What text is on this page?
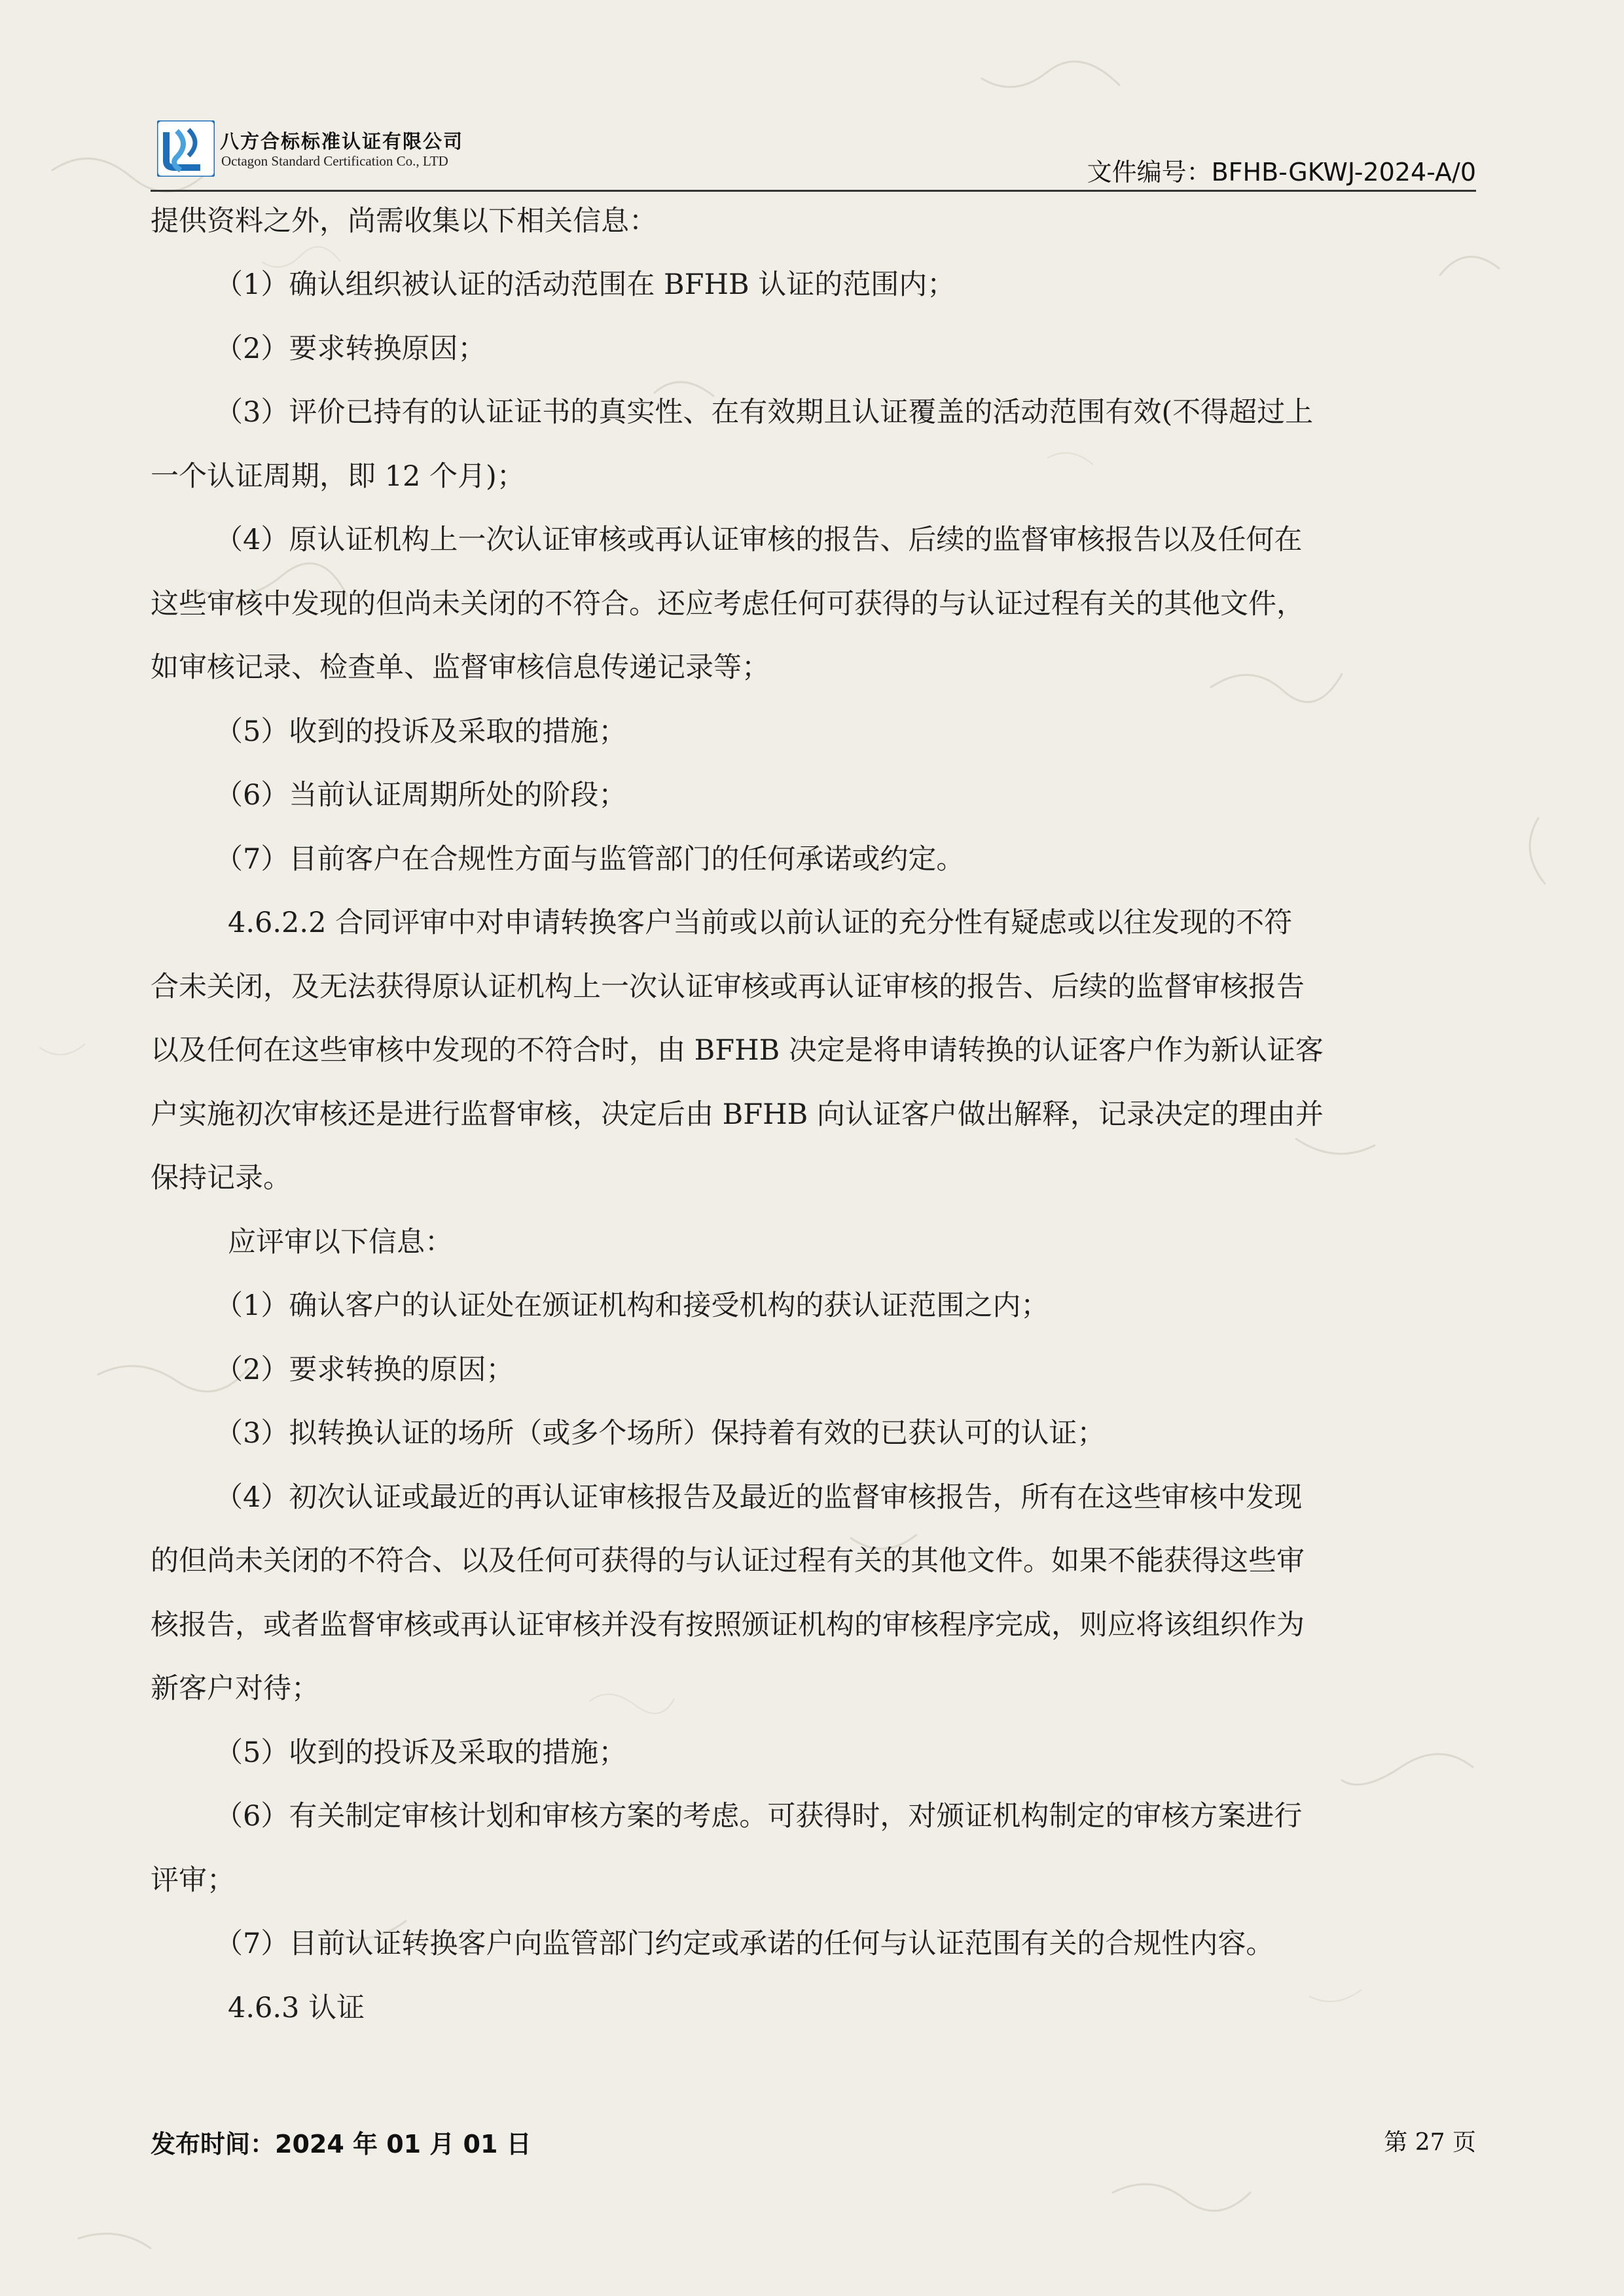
八方合标标准认证有限公司
Octagon Standard Certification Co., LTD	文件编号：BFHB-GKWJ-2024-A/0
提供资料之外，尚需收集以下相关信息：
（1）确认组织被认证的活动范围在 BFHB 认证的范围内；
（2）要求转换原因；
（3）评价已持有的认证证书的真实性、在有效期且认证覆盖的活动范围有效(不得超过上
一个认证周期，即 12 个月)；
（4）原认证机构上一次认证审核或再认证审核的报告、后续的监督审核报告以及任何在
这些审核中发现的但尚未关闭的不符合。还应考虑任何可获得的与认证过程有关的其他文件，
如审核记录、检查单、监督审核信息传递记录等；
（5）收到的投诉及采取的措施；
（6）当前认证周期所处的阶段；
（7）目前客户在合规性方面与监管部门的任何承诺或约定。
4.6.2.2 合同评审中对申请转换客户当前或以前认证的充分性有疑虑或以往发现的不符
合未关闭，及无法获得原认证机构上一次认证审核或再认证审核的报告、后续的监督审核报告
以及任何在这些审核中发现的不符合时，由 BFHB 决定是将申请转换的认证客户作为新认证客
户实施初次审核还是进行监督审核，决定后由 BFHB 向认证客户做出解释，记录决定的理由并
保持记录。
应评审以下信息：
（1）确认客户的认证处在颁证机构和接受机构的获认证范围之内；
（2）要求转换的原因；
（3）拟转换认证的场所（或多个场所）保持着有效的已获认可的认证；
（4）初次认证或最近的再认证审核报告及最近的监督审核报告，所有在这些审核中发现
的但尚未关闭的不符合、以及任何可获得的与认证过程有关的其他文件。如果不能获得这些审
核报告，或者监督审核或再认证审核并没有按照颁证机构的审核程序完成，则应将该组织作为
新客户对待；
（5）收到的投诉及采取的措施；
（6）有关制定审核计划和审核方案的考虑。可获得时，对颁证机构制定的审核方案进行
评审；
（7）目前认证转换客户向监管部门约定或承诺的任何与认证范围有关的合规性内容。
4.6.3 认证
发布时间：2024 年 01 月 01 日	第 27 页
